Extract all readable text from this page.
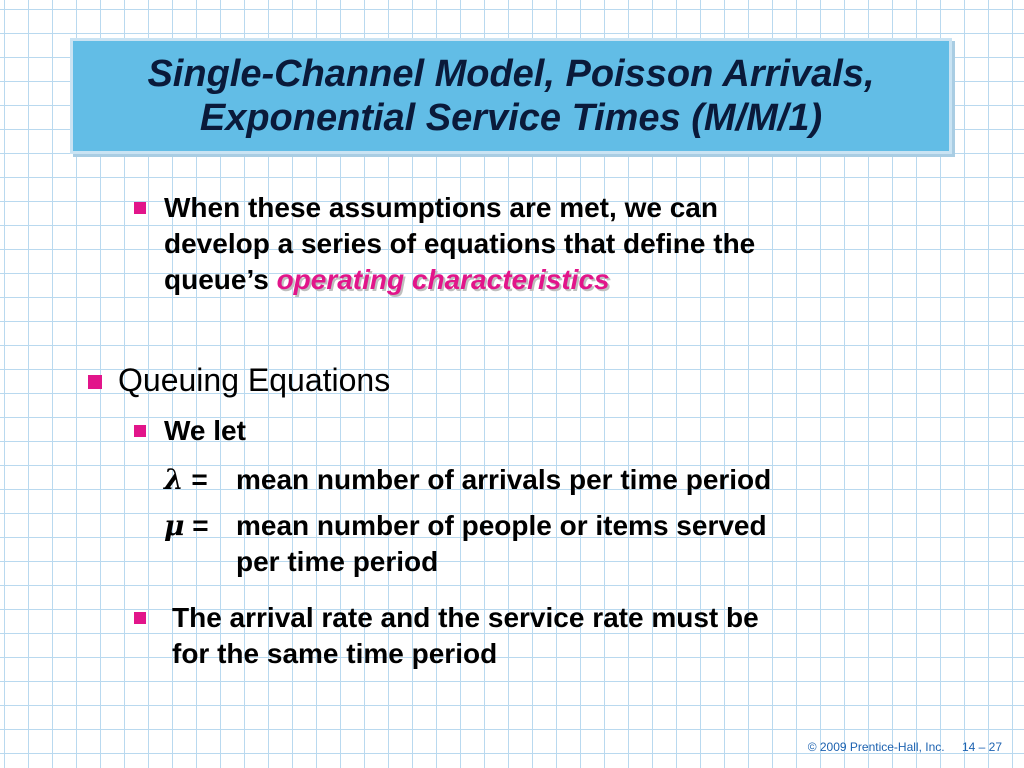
Single-Channel Model, Poisson Arrivals,
Exponential Service Times (M/M/1)
When these assumptions are met, we can
develop a series of equations that define the
queue’s operating characteristics
Queuing Equations
We let
λ = mean number of arrivals per time period
μ = mean number of people or items served
per time period
The arrival rate and the service rate must be
for the same time period
© 2009 Prentice-Hall, Inc. 14 – 27
